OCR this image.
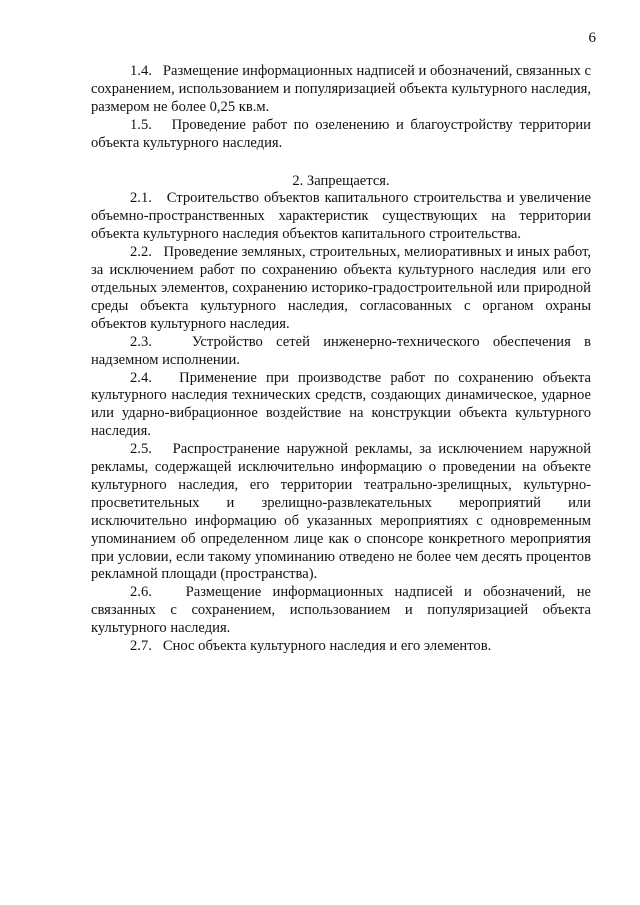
6

1.4.   Размещение информационных надписей и обозначений, связанных с сохранением, использованием и популяризацией объекта культурного наследия, размером не более 0,25 кв.м.

1.5.   Проведение работ по озеленению и благоустройству территории объекта культурного наследия.

2. Запрещается.

2.1.   Строительство объектов капитального строительства и увеличение объемно-пространственных характеристик существующих на территории объекта культурного наследия объектов капитального строительства.

2.2.   Проведение земляных, строительных, мелиоративных и иных работ, за исключением работ по сохранению объекта культурного наследия или его отдельных элементов, сохранению историко-градостроительной или природной среды объекта культурного наследия, согласованных с органом охраны объектов культурного наследия.

2.3.   Устройство сетей инженерно-технического обеспечения в надземном исполнении.

2.4.   Применение при производстве работ по сохранению объекта культурного наследия технических средств, создающих динамическое, ударное или ударно-вибрационное воздействие на конструкции объекта культурного наследия.

2.5.   Распространение наружной рекламы, за исключением наружной рекламы, содержащей исключительно информацию о проведении на объекте культурного наследия, его территории театрально-зрелищных, культурно-просветительных и зрелищно-развлекательных мероприятий или исключительно информацию об указанных мероприятиях с одновременным упоминанием об определенном лице как о спонсоре конкретного мероприятия при условии, если такому упоминанию отведено не более чем десять процентов рекламной площади (пространства).

2.6.   Размещение информационных надписей и обозначений, не связанных с сохранением, использованием и популяризацией объекта культурного наследия.

2.7.   Снос объекта культурного наследия и его элементов.
